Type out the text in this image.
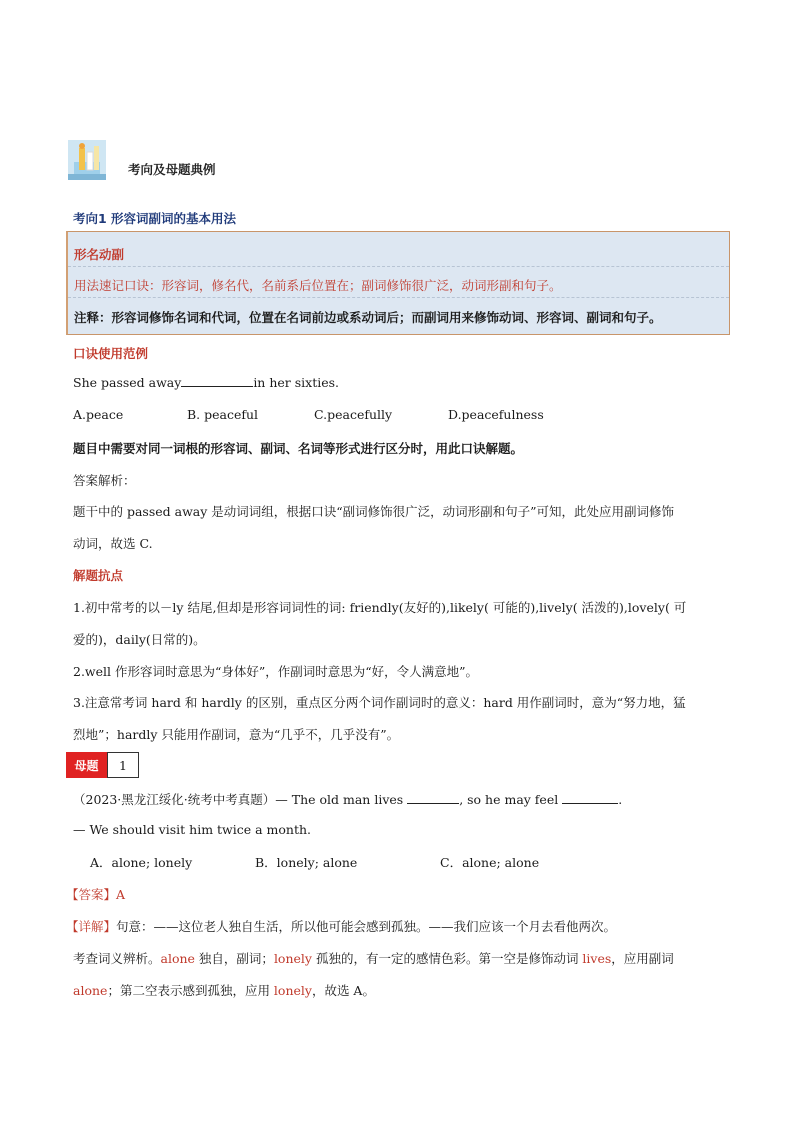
考向及母题典例
考向1 形容词副词的基本用法
形名动副
用法速记口诀：形容词，修名代，名前系后位置在；副词修饰很广泛，动词形副和句子。
注释：形容词修饰名词和代词，位置在名词前边或系动词后；而副词用来修饰动词、形容词、副词和句子。
口诀使用范例
She passed away	in her sixties.
A.peace	B. peaceful	C.peacefully	D.peacefulness
题目中需要对同一词根的形容词、副词、名词等形式进行区分时，用此口诀解题。
答案解析：
题干中的 passed away 是动词词组，根据口诀“副词修饰很广泛，动词形副和句子”可知，此处应用副词修饰
动词，故选 C.
解题抗点
1.初中常考的以－ly 结尾,但却是形容词词性的词: friendly(友好的),likely( 可能的),lively( 活泼的),lovely( 可
爱的)，daily(日常的)。
2.well 作形容词时意思为“身体好”，作副词时意思为“好，令人满意地”。
3.注意常考词 hard 和 hardly 的区别，重点区分两个词作副词时的意义：hard 用作副词时，意为“努力地，猛
烈地”；hardly 只能用作副词，意为“几乎不，几乎没有”。
母题	1
（2023·黑龙江绥化·统考中考真题）— The old man lives	, so he may feel	.
— We should visit him twice a month.
A．alone; lonely	B．lonely; alone	C．alone; alone
【答案】A
【详解】句意：——这位老人独自生活，所以他可能会感到孤独。——我们应该一个月去看他两次。
考查词义辨析。alone 独自，副词；lonely 孤独的，有一定的感情色彩。第一空是修饰动词 lives，应用副词
alone；第二空表示感到孤独，应用 lonely，故选 A。
